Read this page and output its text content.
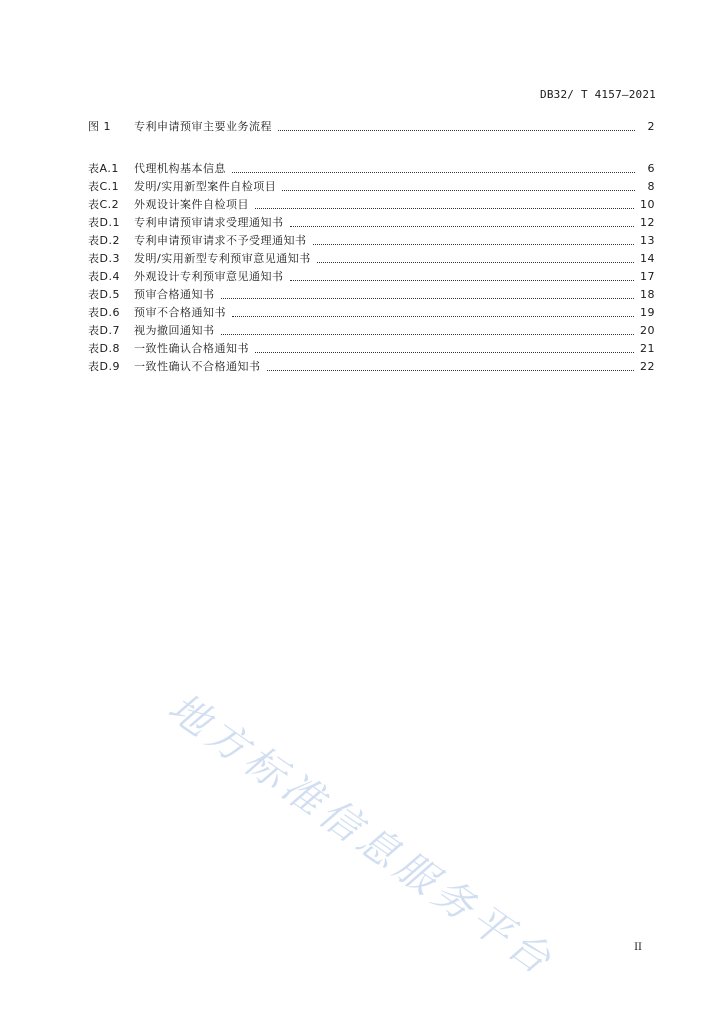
DB32/ T 4157—2021
图 1	专利申请预审主要业务流程	2
表A.1	代理机构基本信息	6
表C.1	发明/实用新型案件自检项目	8
表C.2	外观设计案件自检项目	10
表D.1	专利申请预审请求受理通知书	12
表D.2	专利申请预审请求不予受理通知书	13
表D.3	发明/实用新型专利预审意见通知书	14
表D.4	外观设计专利预审意见通知书	17
表D.5	预审合格通知书	18
表D.6	预审不合格通知书	19
表D.7	视为撤回通知书	20
表D.8	一致性确认合格通知书	21
表D.9	一致性确认不合格通知书	22
地方标准信息服务平台	II
